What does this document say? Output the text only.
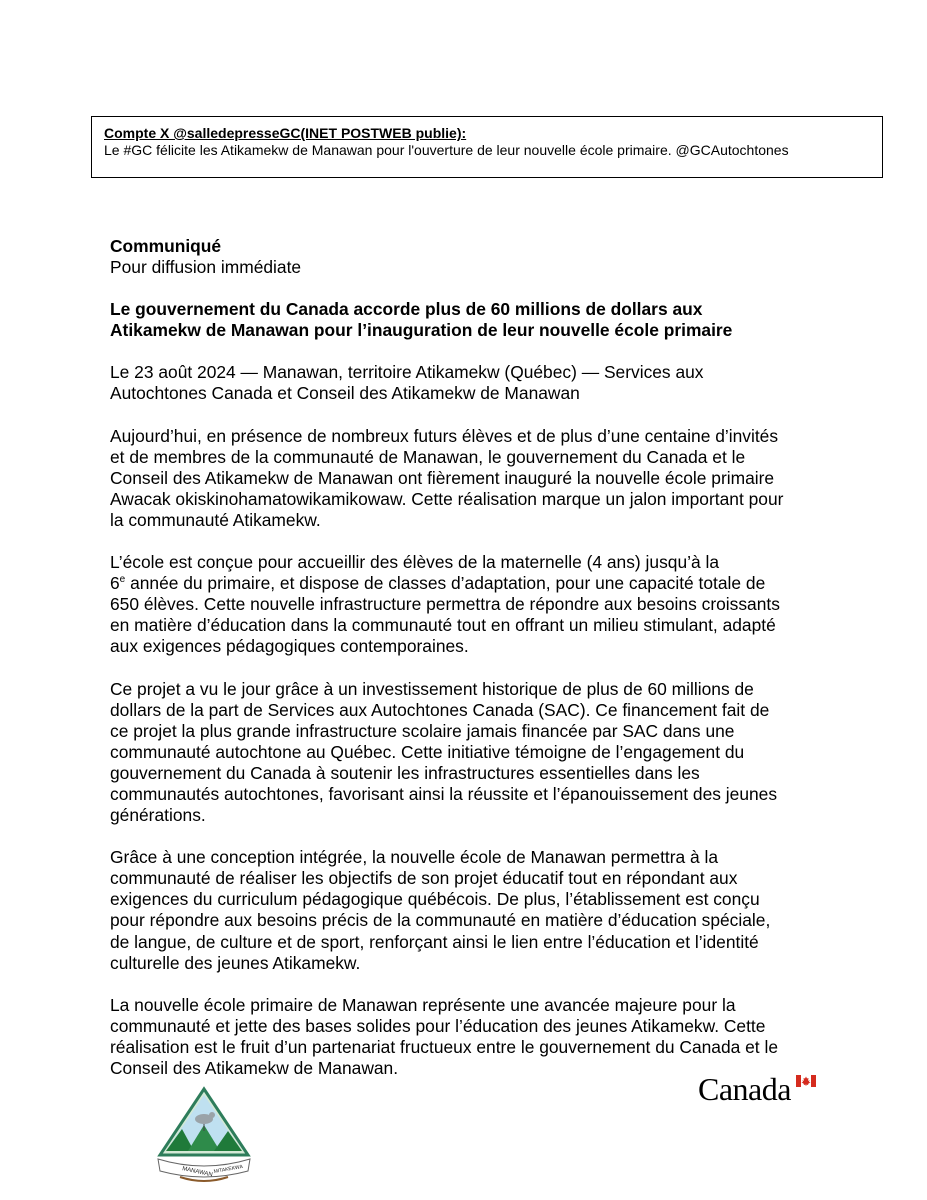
Compte X @salledepresseGC(INET POSTWEB publie):
Le #GC félicite les Atikamekw de Manawan pour l'ouverture de leur nouvelle école primaire. @GCAutochtones

Communiqué
Pour diffusion immédiate

Le gouvernement du Canada accorde plus de 60 millions de dollars aux
Atikamekw de Manawan pour l’inauguration de leur nouvelle école primaire

Le 23 août 2024 — Manawan, territoire Atikamekw (Québec) — Services aux
Autochtones Canada et Conseil des Atikamekw de Manawan

Aujourd’hui, en présence de nombreux futurs élèves et de plus d’une centaine d’invités
et de membres de la communauté de Manawan, le gouvernement du Canada et le
Conseil des Atikamekw de Manawan ont fièrement inauguré la nouvelle école primaire
Awacak okiskinohamatowikamikowaw. Cette réalisation marque un jalon important pour
la communauté Atikamekw.

L’école est conçue pour accueillir des élèves de la maternelle (4 ans) jusqu’à la
6e année du primaire, et dispose de classes d’adaptation, pour une capacité totale de
650 élèves. Cette nouvelle infrastructure permettra de répondre aux besoins croissants
en matière d’éducation dans la communauté tout en offrant un milieu stimulant, adapté
aux exigences pédagogiques contemporaines.

Ce projet a vu le jour grâce à un investissement historique de plus de 60 millions de
dollars de la part de Services aux Autochtones Canada (SAC). Ce financement fait de
ce projet la plus grande infrastructure scolaire jamais financée par SAC dans une
communauté autochtone au Québec. Cette initiative témoigne de l’engagement du
gouvernement du Canada à soutenir les infrastructures essentielles dans les
communautés autochtones, favorisant ainsi la réussite et l’épanouissement des jeunes
générations.

Grâce à une conception intégrée, la nouvelle école de Manawan permettra à la
communauté de réaliser les objectifs de son projet éducatif tout en répondant aux
exigences du curriculum pédagogique québécois. De plus, l’établissement est conçu
pour répondre aux besoins précis de la communauté en matière d’éducation spéciale,
de langue, de culture et de sport, renforçant ainsi le lien entre l’éducation et l’identité
culturelle des jeunes Atikamekw.

La nouvelle école primaire de Manawan représente une avancée majeure pour la
communauté et jette des bases solides pour l’éducation des jeunes Atikamekw. Cette
réalisation est le fruit d’un partenariat fructueux entre le gouvernement du Canada et le
Conseil des Atikamekw de Manawan.

Canada
MANAWAN MITAKEKWA
